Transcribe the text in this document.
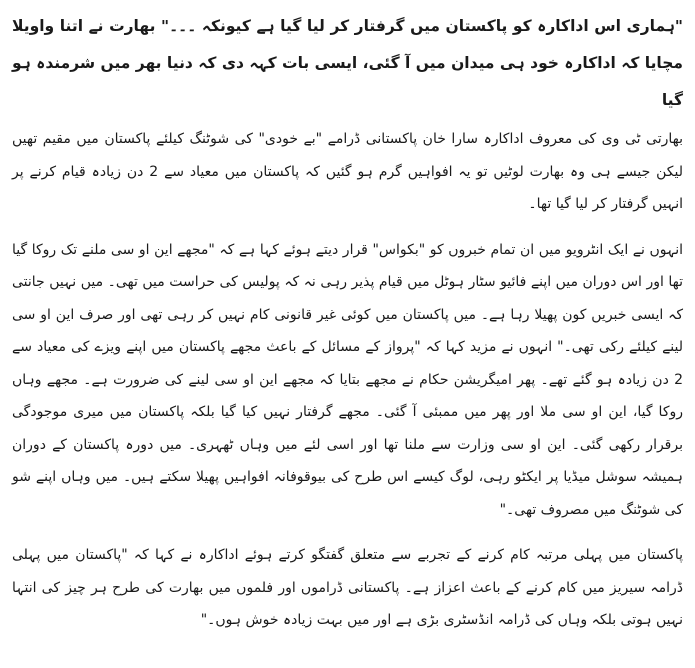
"ہماری اس اداکارہ کو پاکستان میں گرفتار کر لیا گیا ہے کیونکہ ۔۔۔" بھارت نے اتنا واویلا مچایا کہ اداکارہ خود ہی میدان میں آ گئی، ایسی بات کہہ دی کہ دنیا بھر میں شرمندہ ہو گیا

بھارتی ٹی وی کی معروف اداکارہ سارا خان پاکستانی ڈرامے "بے خودی" کی شوٹنگ کیلئے پاکستان میں مقیم تھیں لیکن جیسے ہی وہ بھارت لوٹیں تو یہ افواہیں گرم ہو گئیں کہ پاکستان میں معیاد سے 2 دن زیادہ قیام کرنے پر انہیں گرفتار کر لیا گیا تھا۔

انہوں نے ایک انٹرویو میں ان تمام خبروں کو "بکواس" قرار دیتے ہوئے کہا ہے کہ "مجھے این او سی ملنے تک روکا گیا تھا اور اس دوران میں اپنے فائیو سٹار ہوٹل میں قیام پذیر رہی نہ کہ پولیس کی حراست میں تھی۔ میں نہیں جانتی کہ ایسی خبریں کون پھیلا رہا ہے۔ میں پاکستان میں کوئی غیر قانونی کام نہیں کر رہی تھی اور صرف این او سی لینے کیلئے رکی تھی۔" انہوں نے مزید کہا کہ "پرواز کے مسائل کے باعث مجھے پاکستان میں اپنے ویزے کی معیاد سے 2 دن زیادہ ہو گئے تھے۔ پھر امیگریشن حکام نے مجھے بتایا کہ مجھے این او سی لینے کی ضرورت ہے۔ مجھے وہاں روکا گیا، این او سی ملا اور پھر میں ممبئی آ گئی۔ مجھے گرفتار نہیں کیا گیا بلکہ پاکستان میں میری موجودگی برقرار رکھی گئی۔ این او سی وزارت سے ملنا تھا اور اسی لئے میں وہاں ٹھہری۔ میں دورہ پاکستان کے دوران ہمیشہ سوشل میڈیا پر ایکٹو رہی، لوگ کیسے اس طرح کی بیوقوفانہ افواہیں پھیلا سکتے ہیں۔ میں وہاں اپنے شو کی شوٹنگ میں مصروف تھی۔"

پاکستان میں پہلی مرتبہ کام کرنے کے تجربے سے متعلق گفتگو کرتے ہوئے اداکارہ نے کہا کہ "پاکستان میں پہلی ڈرامہ سیریز میں کام کرنے کے باعث اعزاز ہے۔ پاکستانی ڈراموں اور فلموں میں بھارت کی طرح ہر چیز کی انتہا نہیں ہوتی بلکہ وہاں کی ڈرامہ انڈسٹری بڑی ہے اور میں بہت زیادہ خوش ہوں۔"
